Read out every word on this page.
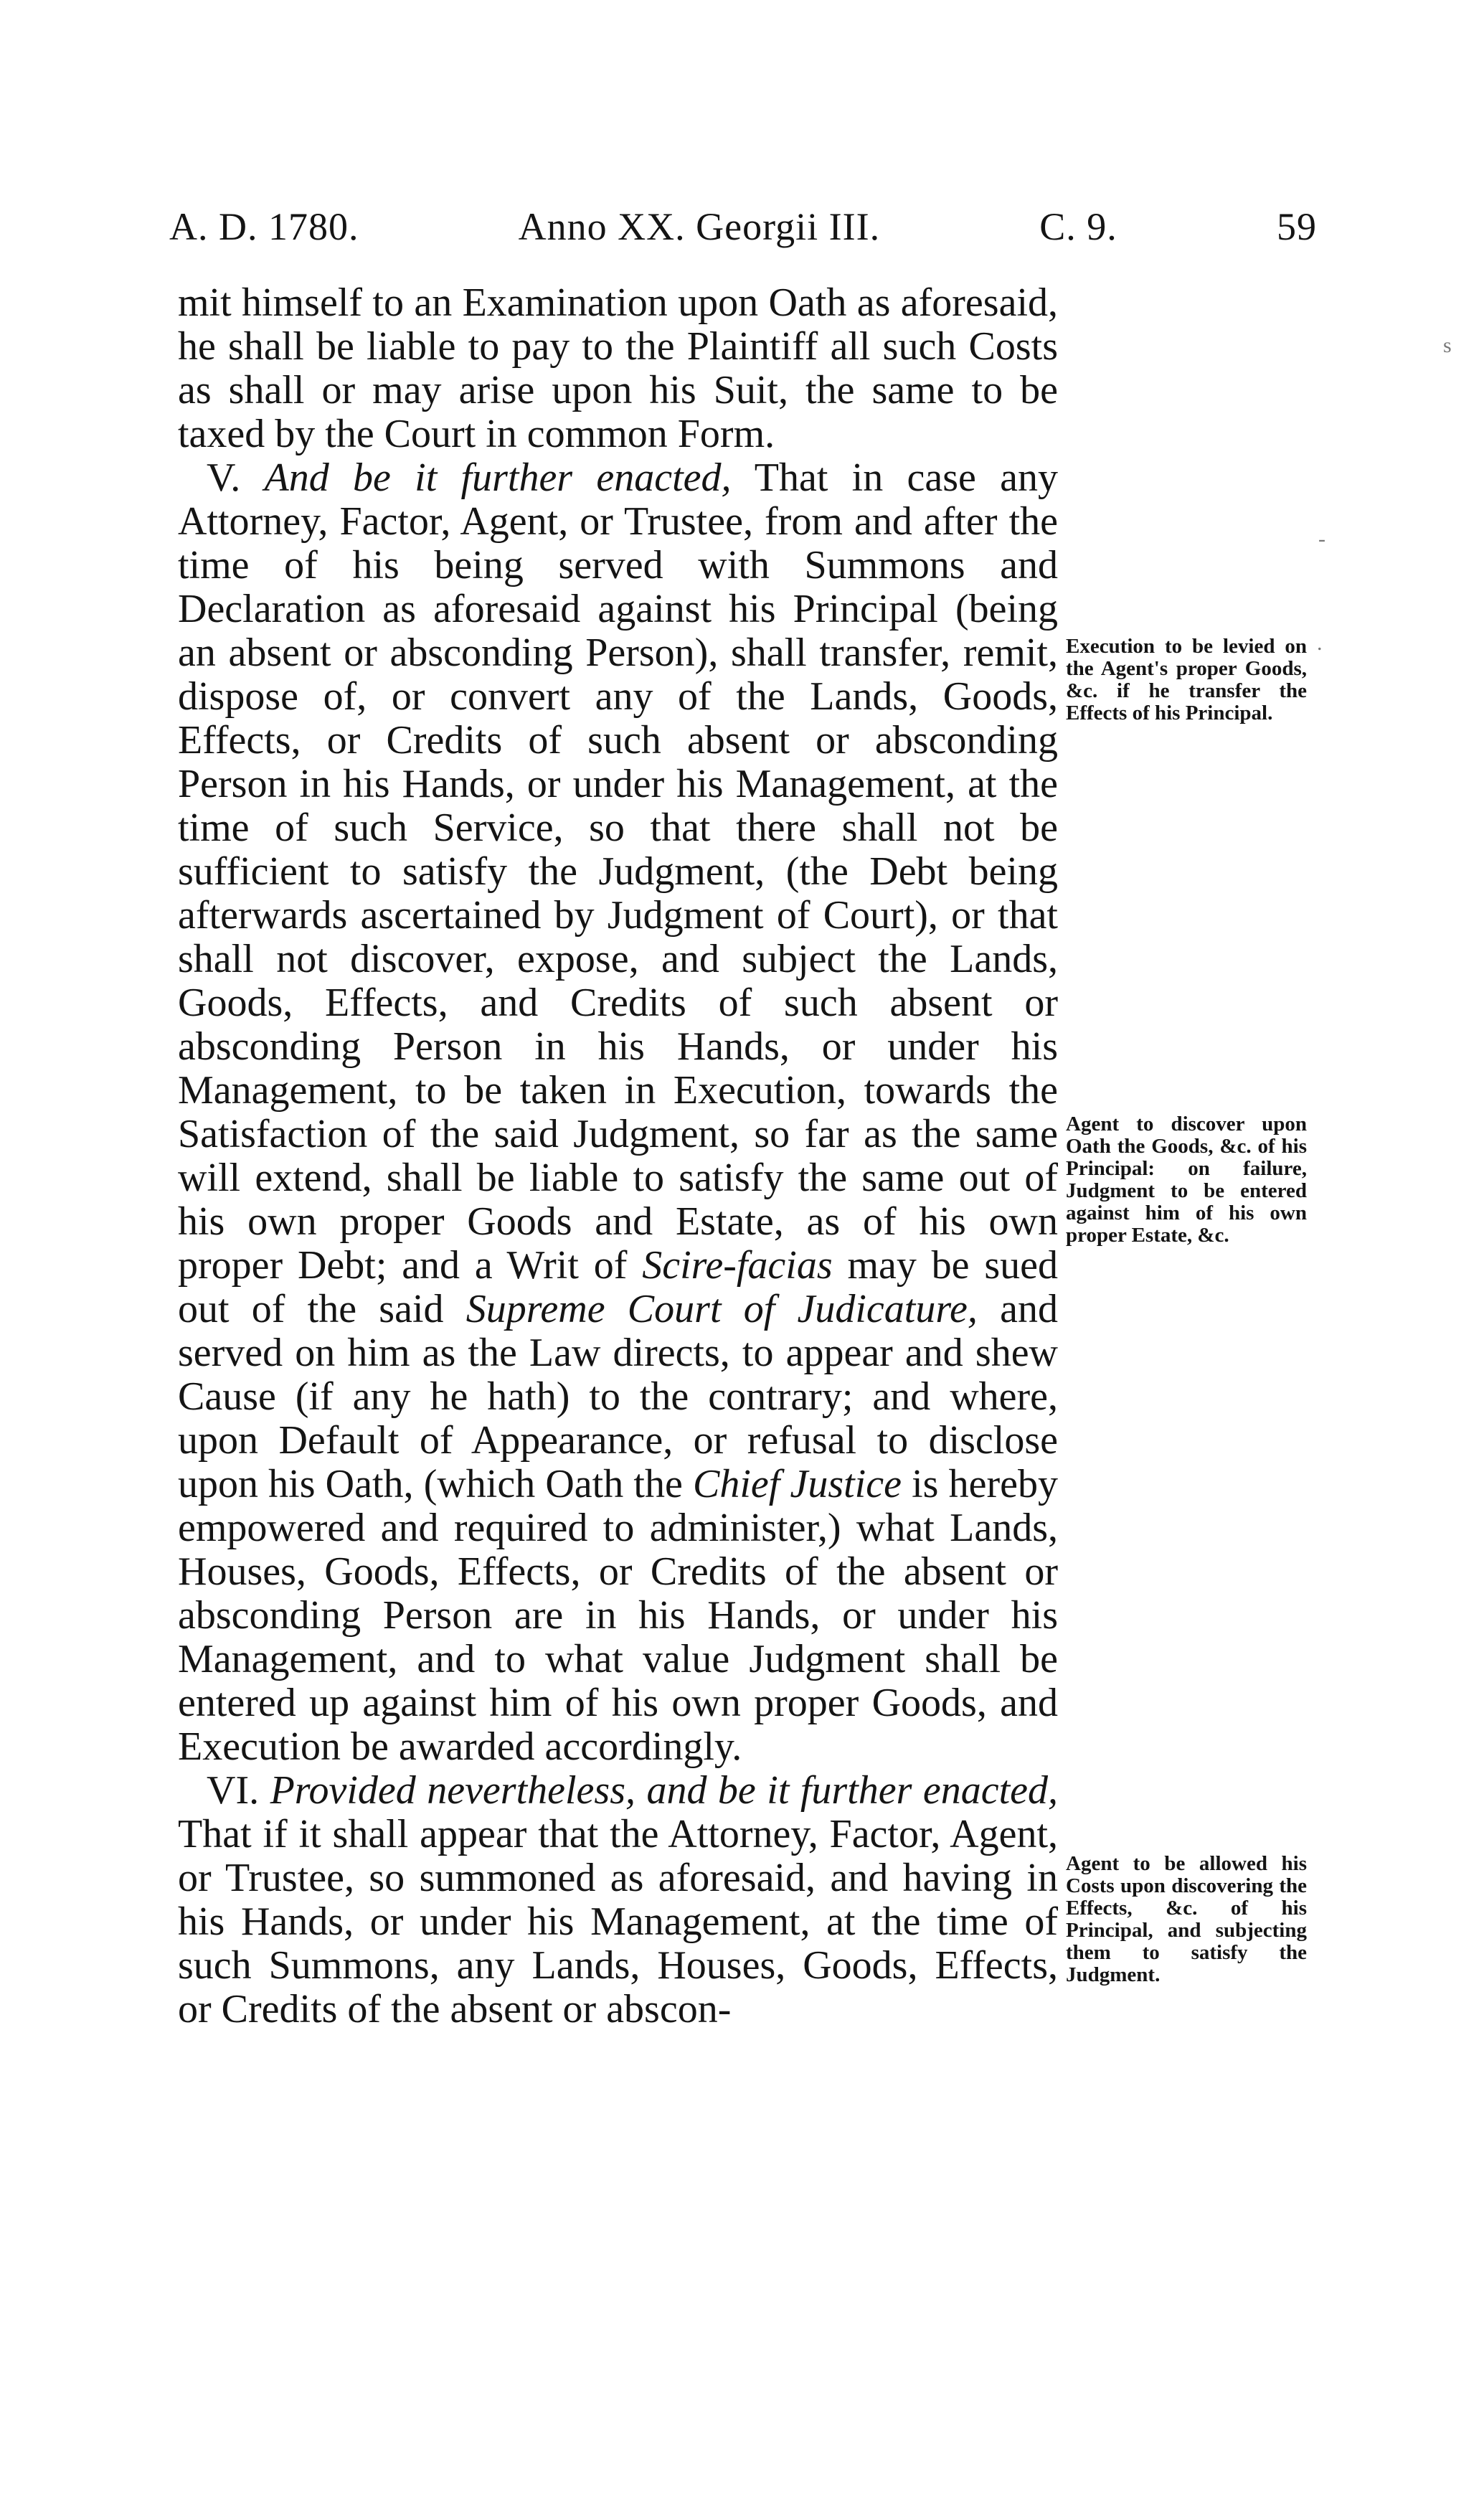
A. D. 1780.	Anno XX. Georgii III.	C. 9.	59

mit himself to an Examination upon Oath as aforesaid, he shall be liable to pay to the Plaintiff all such Costs as shall or may arise upon his Suit, the same to be taxed by the Court in common Form.

V. And be it further enacted, That in case any Attorney, Factor, Agent, or Trustee, from and after the time of his being served with Summons and Declaration as aforesaid against his Principal (being an absent or absconding Person), shall transfer, remit, dispose of, or convert any of the Lands, Goods, Effects, or Credits of such absent or absconding Person in his Hands, or under his Management, at the time of such Service, so that there shall not be sufficient to satisfy the Judgment, (the Debt being afterwards ascertained by Judgment of Court), or that shall not discover, expose, and subject the Lands, Goods, Effects, and Credits of such absent or absconding Person in his Hands, or under his Management, to be taken in Execution, towards the Satisfaction of the said Judgment, so far as the same will extend, shall be liable to satisfy the same out of his own proper Goods and Estate, as of his own proper Debt; and a Writ of Scire-facias may be sued out of the said Supreme Court of Judicature, and served on him as the Law directs, to appear and shew Cause (if any he hath) to the contrary; and where, upon Default of Appearance, or refusal to disclose upon his Oath, (which Oath the Chief Justice is hereby empowered and required to administer,) what Lands, Houses, Goods, Effects, or Credits of the absent or absconding Person are in his Hands, or under his Management, and to what value Judgment shall be entered up against him of his own proper Goods, and Execution be awarded accordingly.

VI. Provided nevertheless, and be it further enacted, That if it shall appear that the Attorney, Factor, Agent, or Trustee, so summoned as aforesaid, and having in his Hands, or under his Management, at the time of such Summons, any Lands, Houses, Goods, Effects, or Credits of the absent or abscon-

Execution to be levied on the Agent's proper Goods, &c. if he transfer the Effects of his Principal.
Agent to discover upon Oath the Goods, &c. of his Principal: on failure, Judgment to be entered against him of his own proper Estate, &c.
Agent to be allowed his Costs upon discovering the Effects, &c. of his Principal, and subjecting them to satisfy the Judgment.
s
-
.
